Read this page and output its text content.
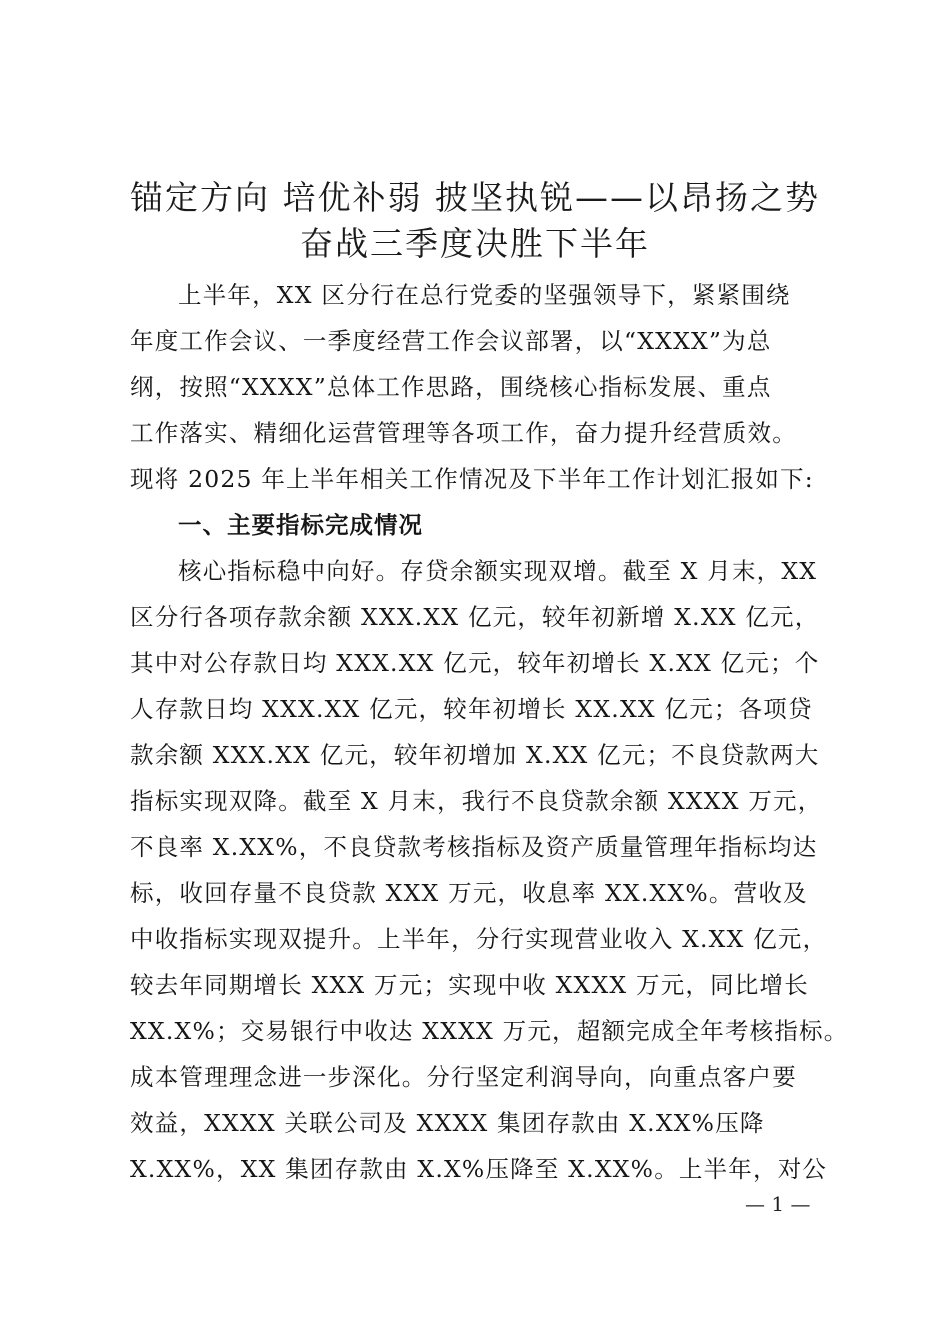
锚定方向 培优补弱 披坚执锐——以昂扬之势
奋战三季度决胜下半年
上半年，XX 区分行在总行党委的坚强领导下，紧紧围绕
年度工作会议、一季度经营工作会议部署，以“XXXX”为总
纲，按照“XXXX”总体工作思路，围绕核心指标发展、重点
工作落实、精细化运营管理等各项工作，奋力提升经营质效。
现将 2025 年上半年相关工作情况及下半年工作计划汇报如下:
一、主要指标完成情况
核心指标稳中向好。存贷余额实现双增。截至 X 月末，XX
区分行各项存款余额 XXX.XX 亿元，较年初新增 X.XX 亿元，
其中对公存款日均 XXX.XX 亿元，较年初增长 X.XX 亿元；个
人存款日均 XXX.XX 亿元，较年初增长 XX.XX 亿元；各项贷
款余额 XXX.XX 亿元，较年初增加 X.XX 亿元；不良贷款两大
指标实现双降。截至 X 月末，我行不良贷款余额 XXXX 万元，
不良率 X.XX%，不良贷款考核指标及资产质量管理年指标均达
标，收回存量不良贷款 XXX 万元，收息率 XX.XX%。营收及
中收指标实现双提升。上半年，分行实现营业收入 X.XX 亿元，
较去年同期增长 XXX 万元；实现中收 XXXX 万元，同比增长
XX.X%；交易银行中收达 XXXX 万元，超额完成全年考核指标。
成本管理理念进一步深化。分行坚定利润导向，向重点客户要
效益，XXXX 关联公司及 XXXX 集团存款由 X.XX%压降
X.XX%，XX 集团存款由 X.X%压降至 X.XX%。上半年，对公
— 1 —
